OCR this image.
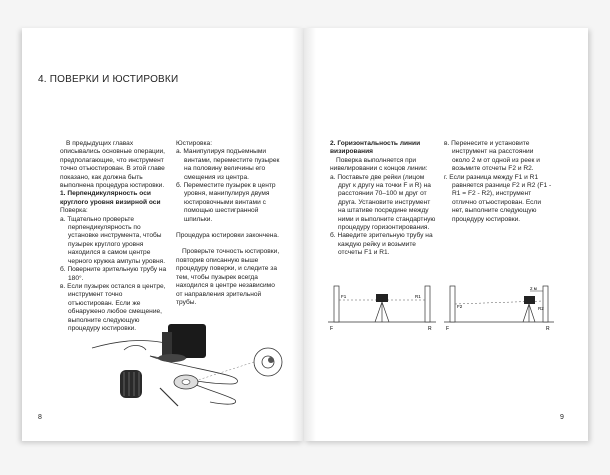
4. ПОВЕРКИ И ЮСТИРОВКИ

В предыдущих главах описывались основные операции, предполагающие, что инструмент точно отъюстирован. В этой главе показано, как должна быть выполнена процедура юстировки.

1. Перпендикулярность оси круглого уровня визирной оси

Поверка:

а. Тщательно проверьте перпендикулярность по установке инструмента, чтобы пузырек круглого уровня находился в самом центре черного кружка ампулы уровня.

б. Поверните зрительную трубу на 180°.

в. Если пузырек остался в центре, инструмент точно отъюстирован. Если же обнаружено любое смещение, выполните следующую процедуру юстировки.

Юстировка:

а. Манипулируя подъемными винтами, переместите пузырек на половину величины его смещения из центра.

б. Переместите пузырек в центр уровня, манипулируя двумя юстировочными винтами с помощью шестигранной шпильки.

Процедура юстировки закончена.

Проверьте точность юстировки, повторив описанную выше процедуру поверки, и следите за тем, чтобы пузырек всегда находился в центре независимо от направления зрительной трубы.

8

2. Горизонтальность линии визирования

Поверка выполняется при нивелировании с концов линии:

а. Поставьте две рейки (лицом друг к другу на точки F и R) на расстоянии 70–100 м друг от друга. Установите инструмент на штативе посредине между ними и выполните стандартную процедуру горизонтирования.

б. Наведите зрительную трубу на каждую рейку и возьмите отсчеты F1 и R1.

в. Перенесите и установите инструмент на расстоянии около 2 м от одной из реек и возьмите отсчеты F2 и R2.

г. Если разница между F1 и R1 равняется разнице F2 и R2 (F1 - R1 = F2 - R2), инструмент отлично отъюстирован. Если нет, выполните следующую процедуру юстировки.

F	R
F1	R1
2 м
F2	R2
F	R
9
